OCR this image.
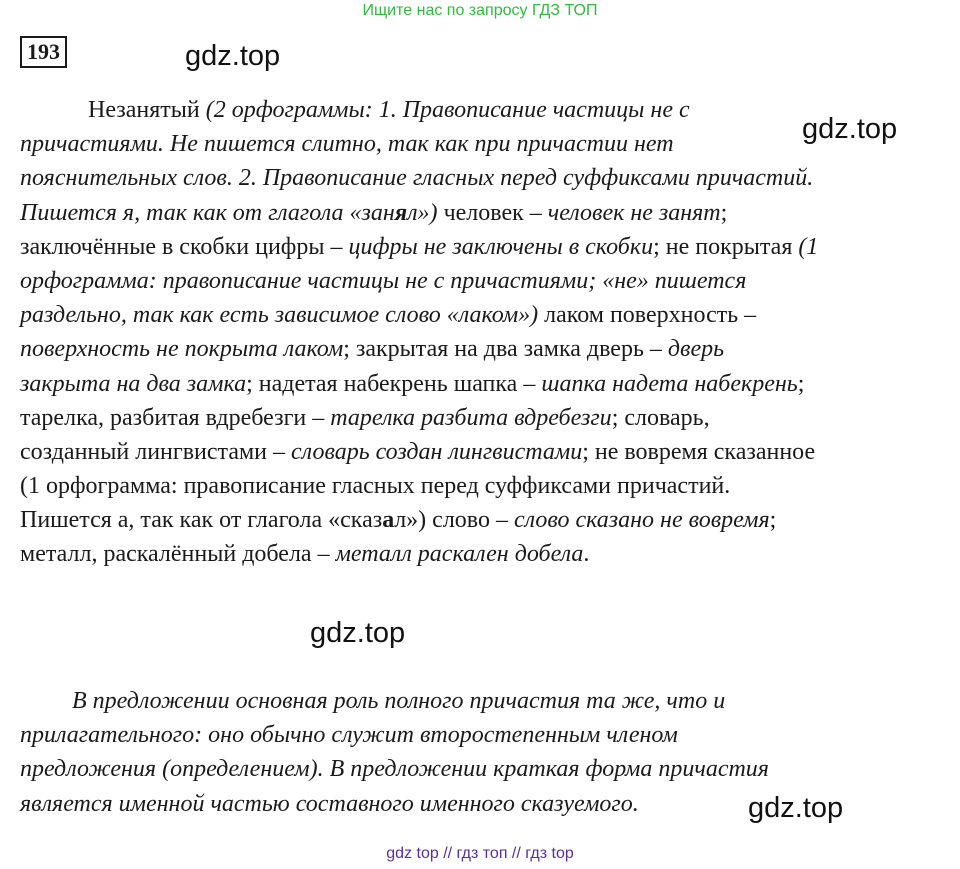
Ищите нас по запросу ГДЗ ТОП
193	gdz.top
gdz.top
gdz.top
gdz.top
Незанятый (2 орфограммы: 1. Правописание частицы не с
причастиями. Не пишется слитно, так как при причастии нет
пояснительных слов. 2. Правописание гласных перед суффиксами причастий.
Пишется я, так как от глагола «занял») человек – человек не занят;
заключённые в скобки цифры – цифры не заключены в скобки; не покрытая (1
орфограмма: правописание частицы не с причастиями; «не» пишется
раздельно, так как есть зависимое слово «лаком») лаком поверхность –
поверхность не покрыта лаком; закрытая на два замка дверь – дверь
закрыта на два замка; надетая набекрень шапка – шапка надета набекрень;
тарелка, разбитая вдребезги – тарелка разбита вдребезги; словарь,
созданный лингвистами – словарь создан лингвистами; не вовремя сказанное
(1 орфограмма: правописание гласных перед суффиксами причастий.
Пишется а, так как от глагола «сказал») слово – слово сказано не вовремя;
металл, раскалённый добела – металл раскален добела.
В предложении основная роль полного причастия та же, что и
прилагательного: оно обычно служит второстепенным членом
предложения (определением). В предложении краткая форма причастия
является именной частью составного именного сказуемого.
gdz top // гдз топ // гдз top
